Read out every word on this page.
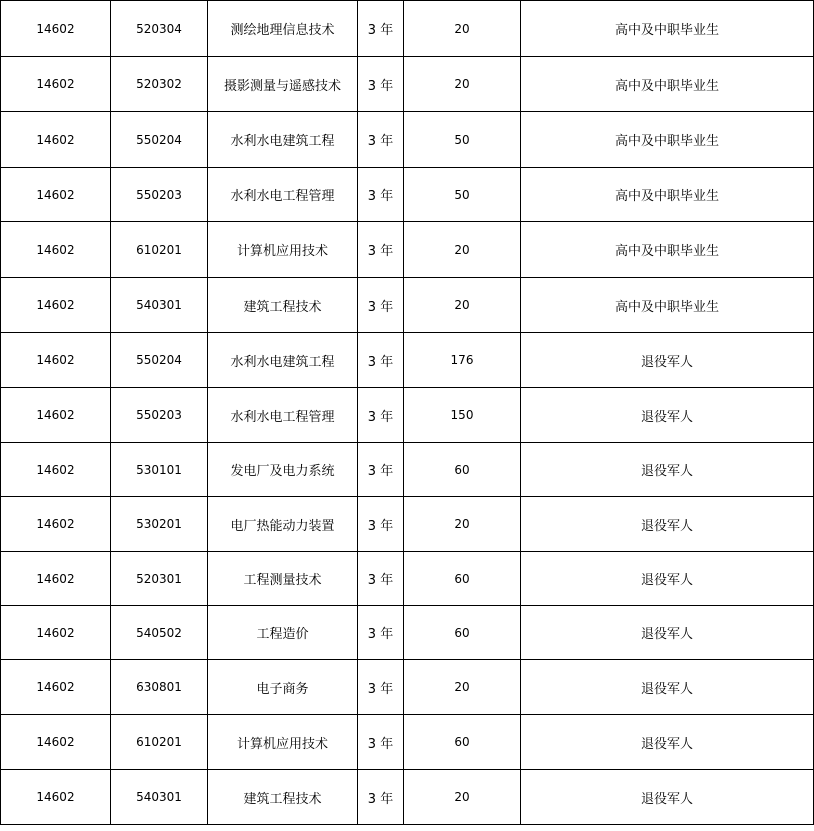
14602	520304	测绘地理信息技术	3 年	20	高中及中职毕业生
14602	520302	摄影测量与遥感技术	3 年	20	高中及中职毕业生
14602	550204	水利水电建筑工程	3 年	50	高中及中职毕业生
14602	550203	水利水电工程管理	3 年	50	高中及中职毕业生
14602	610201	计算机应用技术	3 年	20	高中及中职毕业生
14602	540301	建筑工程技术	3 年	20	高中及中职毕业生
14602	550204	水利水电建筑工程	3 年	176	退役军人
14602	550203	水利水电工程管理	3 年	150	退役军人
14602	530101	发电厂及电力系统	3 年	60	退役军人
14602	530201	电厂热能动力装置	3 年	20	退役军人
14602	520301	工程测量技术	3 年	60	退役军人
14602	540502	工程造价	3 年	60	退役军人
14602	630801	电子商务	3 年	20	退役军人
14602	610201	计算机应用技术	3 年	60	退役军人
14602	540301	建筑工程技术	3 年	20	退役军人
